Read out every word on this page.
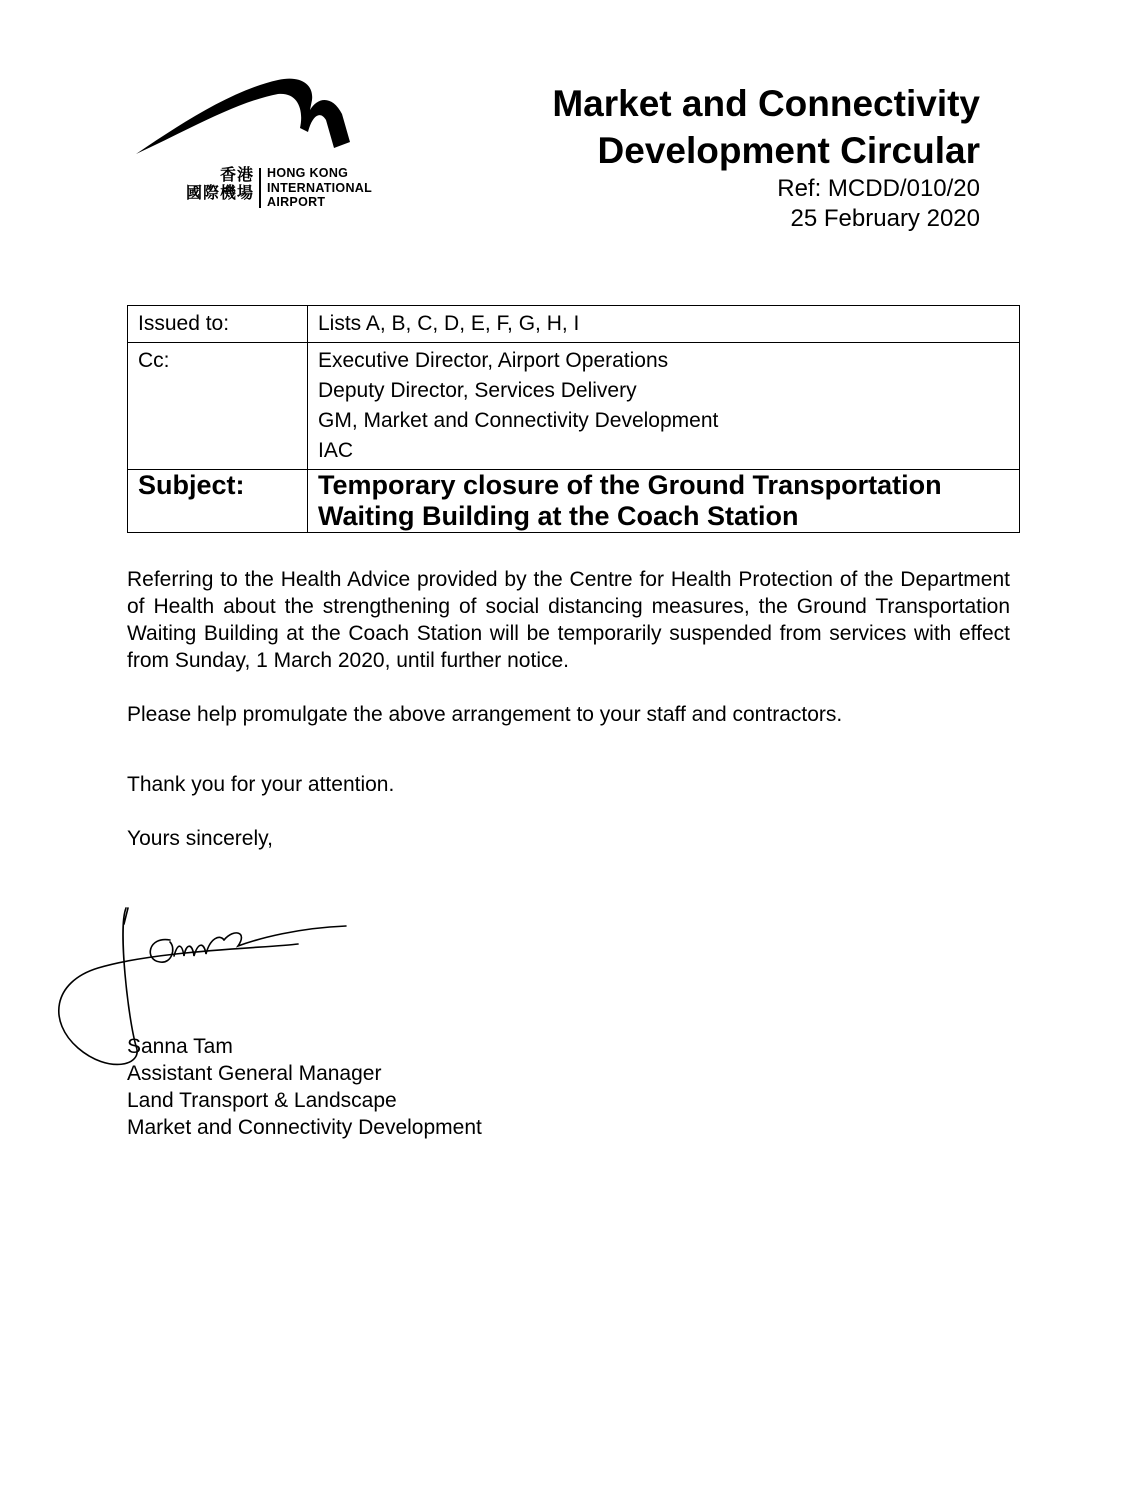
香港
國際機場
HONG KONG
INTERNATIONAL
AIRPORT
Market and Connectivity
Development Circular
Ref: MCDD/010/20
25 February 2020
Issued to:	Lists A, B, C, D, E, F, G, H, I
Cc:	Executive Director, Airport Operations
Deputy Director, Services Delivery
GM, Market and Connectivity Development
IAC

Subject:	Temporary closure of the Ground Transportation
Waiting Building at the Coach Station

Referring to the Health Advice provided by the Centre for Health Protection of the Department of Health about the strengthening of social distancing measures, the Ground Transportation Waiting Building at the Coach Station will be temporarily suspended from services with effect from Sunday, 1 March 2020, until further notice.

Please help promulgate the above arrangement to your staff and contractors.

Thank you for your attention.

Yours sincerely,

Sanna Tam
Assistant General Manager
Land Transport & Landscape
Market and Connectivity Development
